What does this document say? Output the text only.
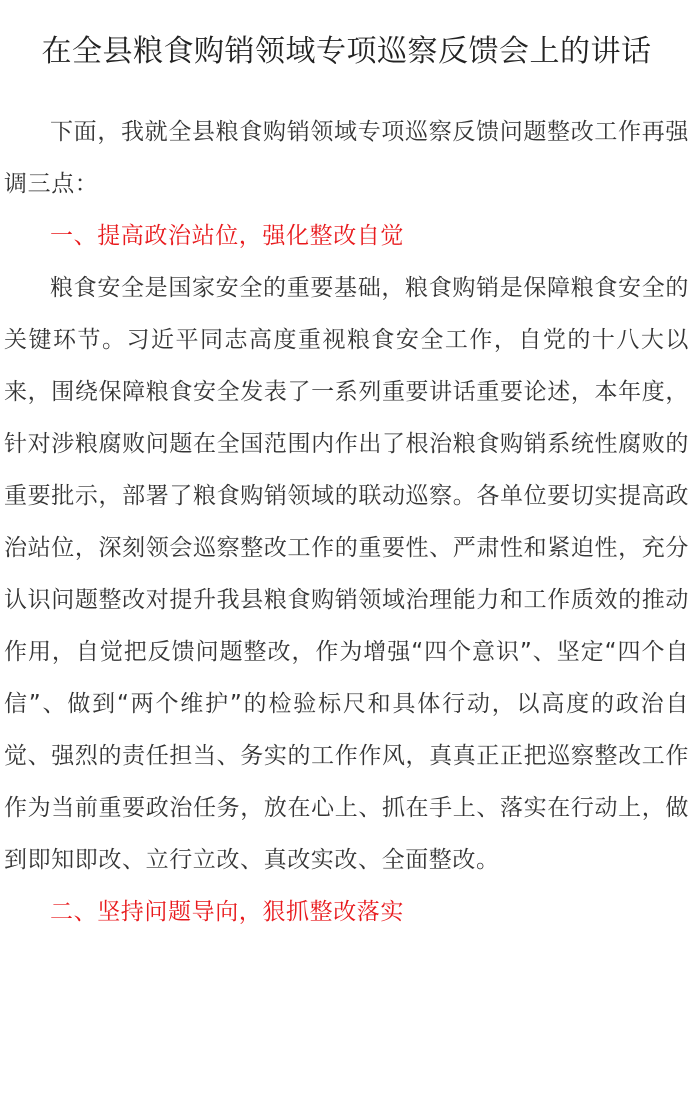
在全县粮食购销领域专项巡察反馈会上的讲话

下面，我就全县粮食购销领域专项巡察反馈问题整改工作再强调三点：

一、提高政治站位，强化整改自觉

粮食安全是国家安全的重要基础，粮食购销是保障粮食安全的关键环节。习近平同志高度重视粮食安全工作，自党的十八大以来，围绕保障粮食安全发表了一系列重要讲话重要论述，本年度，针对涉粮腐败问题在全国范围内作出了根治粮食购销系统性腐败的重要批示，部署了粮食购销领域的联动巡察。各单位要切实提高政治站位，深刻领会巡察整改工作的重要性、严肃性和紧迫性，充分认识问题整改对提升我县粮食购销领域治理能力和工作质效的推动作用，自觉把反馈问题整改，作为增强“四个意识”、坚定“四个自信”、做到“两个维护”的检验标尺和具体行动，以高度的政治自觉、强烈的责任担当、务实的工作作风，真真正正把巡察整改工作作为当前重要政治任务，放在心上、抓在手上、落实在行动上，做到即知即改、立行立改、真改实改、全面整改。

二、坚持问题导向，狠抓整改落实
